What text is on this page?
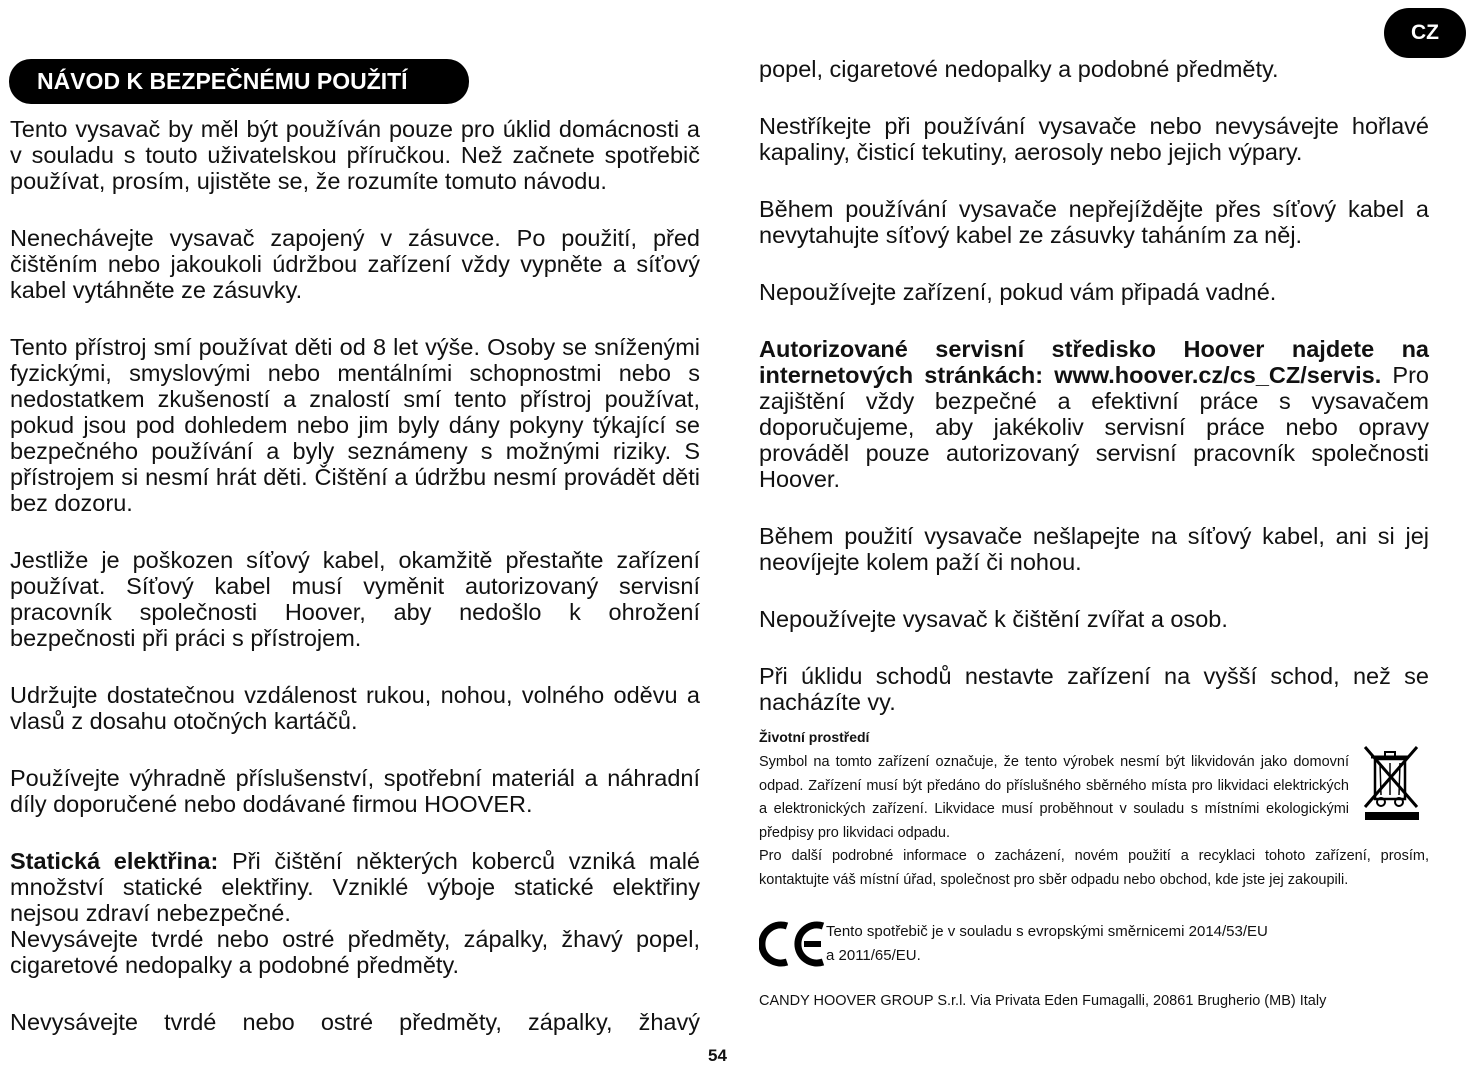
CZ
NÁVOD K BEZPEČNÉMU POUŽITÍ

Tento vysavač by měl být používán pouze pro úklid domácnosti a v souladu s touto uživatelskou příručkou. Než začnete spotřebič používat, prosím, ujistěte se, že rozumíte tomuto návodu.

Nenechávejte vysavač zapojený v zásuvce. Po použití, před čištěním nebo jakoukoli údržbou zařízení vždy vypněte a síťový kabel vytáhněte ze zásuvky.

Tento přístroj smí používat děti od 8 let výše. Osoby se sníženými fyzickými, smyslovými nebo mentálními schopnostmi nebo s nedostatkem zkušeností a znalostí smí tento přístroj používat, pokud jsou pod dohledem nebo jim byly dány pokyny týkající se bezpečného používání a byly seznámeny s možnými riziky. S přístrojem si nesmí hrát děti. Čištění a údržbu nesmí provádět děti bez dozoru.

Jestliže je poškozen síťový kabel, okamžitě přestaňte zařízení používat. Síťový kabel musí vyměnit autorizovaný servisní pracovník společnosti Hoover, aby nedošlo k ohrožení bezpečnosti při práci s přístrojem.

Udržujte dostatečnou vzdálenost rukou, nohou, volného oděvu a vlasů z dosahu otočných kartáčů.

Používejte výhradně příslušenství, spotřební materiál a náhradní díly doporučené nebo dodávané firmou HOOVER.

Statická elektřina: Při čištění některých koberců vzniká malé množství statické elektřiny. Vzniklé výboje statické elektřiny nejsou zdraví nebezpečné.

Nevysávejte tvrdé nebo ostré předměty, zápalky, žhavý popel, cigaretové nedopalky a podobné předměty.

Nevysávejte tvrdé nebo ostré předměty, zápalky, žhavý

popel, cigaretové nedopalky a podobné předměty.

Nestříkejte při používání vysavače nebo nevysávejte hořlavé kapaliny, čisticí tekutiny, aerosoly nebo jejich výpary.

Během používání vysavače nepřejíždějte přes síťový kabel a nevytahujte síťový kabel ze zásuvky taháním za něj.

Nepoužívejte zařízení, pokud vám připadá vadné.

Autorizované servisní středisko Hoover najdete na internetových stránkách: www.hoover.cz/cs_CZ/servis. Pro zajištění vždy bezpečné a efektivní práce s vysavačem doporučujeme, aby jakékoliv servisní práce nebo opravy prováděl pouze autorizovaný servisní pracovník společnosti Hoover.

Během použití vysavače nešlapejte na síťový kabel, ani si jej neovíjejte kolem paží či nohou.

Nepoužívejte vysavač k čištění zvířat a osob.

Při úklidu schodů nestavte zařízení na vyšší schod, než se nacházíte vy.

Životní prostředí
Symbol na tomto zařízení označuje, že tento výrobek nesmí být likvidován jako domovní odpad. Zařízení musí být předáno do příslušného sběrného místa pro likvidaci elektrických a elektronických zařízení. Likvidace musí proběhnout v souladu s místními ekologickými předpisy pro likvidaci odpadu.
Pro další podrobné informace o zacházení, novém použití a recyklaci tohoto zařízení, prosím, kontaktujte váš místní úřad, společnost pro sběr odpadu nebo obchod, kde jste jej zakoupili.
Tento spotřebič je v souladu s evropskými směrnicemi 2014/53/EU
a 2011/65/EU.
CANDY HOOVER GROUP S.r.l. Via Privata Eden Fumagalli, 20861 Brugherio (MB) Italy
54
